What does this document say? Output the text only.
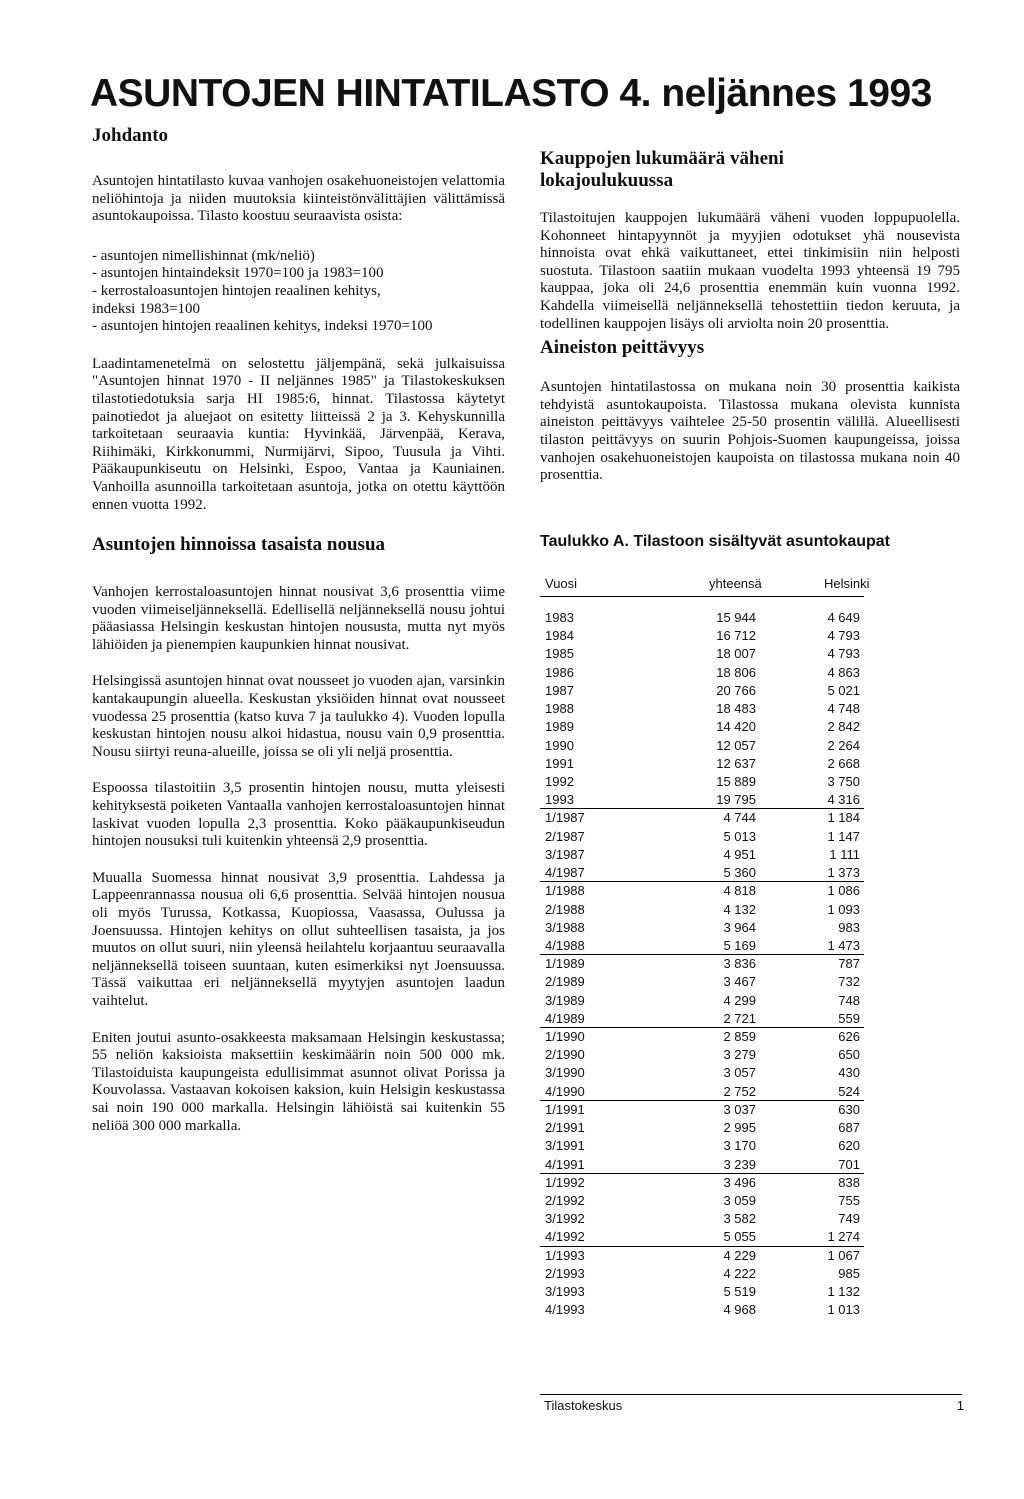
ASUNTOJEN HINTATILASTO 4. neljännes 1993
Johdanto

Asuntojen hintatilasto kuvaa vanhojen osakehuoneistojen velattomia neliöhintoja ja niiden muutoksia kiinteistönvälittäjien välittämissä asuntokaupoissa. Tilasto koostuu seuraavista osista:

- asuntojen nimellishinnat (mk/neliö)

- asuntojen hintaindeksit 1970=100 ja 1983=100

- kerrostaloasuntojen hintojen reaalinen kehitys,

indeksi 1983=100

- asuntojen hintojen reaalinen kehitys, indeksi 1970=100

Laadintamenetelmä on selostettu jäljempänä, sekä julkaisuissa "Asuntojen hinnat 1970 - II neljännes 1985" ja Tilastokeskuksen tilastotiedotuksia sarja HI 1985:6, hinnat. Tilastossa käytetyt painotiedot ja aluejaot on esitetty liitteissä 2 ja 3. Kehyskunnilla tarkoitetaan seuraavia kuntia: Hyvinkää, Järvenpää, Kerava, Riihimäki, Kirkkonummi, Nurmijärvi, Sipoo, Tuusula ja Vihti. Pääkaupunkiseutu on Helsinki, Espoo, Vantaa ja Kauniainen. Vanhoilla asunnoilla tarkoitetaan asuntoja, jotka on otettu käyttöön ennen vuotta 1992.

Asuntojen hinnoissa tasaista nousua

Vanhojen kerrostaloasuntojen hinnat nousivat 3,6 prosenttia viime vuoden viimeiseljänneksellä. Edellisellä neljänneksellä nousu johtui pääasiassa Helsingin keskustan hintojen noususta, mutta nyt myös lähiöiden ja pienempien kaupunkien hinnat nousivat.

Helsingissä asuntojen hinnat ovat nousseet jo vuoden ajan, varsinkin kantakaupungin alueella. Keskustan yksiöiden hinnat ovat nousseet vuodessa 25 prosenttia (katso kuva 7 ja taulukko 4). Vuoden lopulla keskustan hintojen nousu alkoi hidastua, nousu vain 0,9 prosenttia. Nousu siirtyi reuna-alueille, joissa se oli yli neljä prosenttia.

Espoossa tilastoitiin 3,5 prosentin hintojen nousu, mutta yleisesti kehityksestä poiketen Vantaalla vanhojen kerrostaloasuntojen hinnat laskivat vuoden lopulla 2,3 prosenttia. Koko pääkaupunkiseudun hintojen nousuksi tuli kuitenkin yhteensä 2,9 prosenttia.

Muualla Suomessa hinnat nousivat 3,9 prosenttia. Lahdessa ja Lappeenrannassa nousua oli 6,6 prosenttia. Selvää hintojen nousua oli myös Turussa, Kotkassa, Kuopiossa, Vaasassa, Oulussa ja Joensuussa. Hintojen kehitys on ollut suhteellisen tasaista, ja jos muutos on ollut suuri, niin yleensä heilahtelu korjaantuu seuraavalla neljänneksellä toiseen suuntaan, kuten esimerkiksi nyt Joensuussa. Tässä vaikuttaa eri neljänneksellä myytyjen asuntojen laadun vaihtelut.

Eniten joutui asunto-osakkeesta maksamaan Helsingin keskustassa; 55 neliön kaksioista maksettiin keskimäärin noin 500 000 mk. Tilastoiduista kaupungeista edullisimmat asunnot olivat Porissa ja Kouvolassa. Vastaavan kokoisen kaksion, kuin Helsigin keskustassa sai noin 190 000 markalla. Helsingin lähiöistä sai kuitenkin 55 neliöä 300 000 markalla.

Kauppojen lukumäärä väheni lokajoulukuussa

Tilastoitujen kauppojen lukumäärä väheni vuoden loppupuolella. Kohonneet hintapyynnöt ja myyjien odotukset yhä nousevista hinnoista ovat ehkä vaikuttaneet, ettei tinkimisiin niin helposti suostuta. Tilastoon saatiin mukaan vuodelta 1993 yhteensä 19 795 kauppaa, joka oli 24,6 prosenttia enemmän kuin vuonna 1992. Kahdella viimeisellä neljänneksellä tehostettiin tiedon keruuta, ja todellinen kauppojen lisäys oli arviolta noin 20 prosenttia.

Aineiston peittävyys

Asuntojen hintatilastossa on mukana noin 30 prosenttia kaikista tehdyistä asuntokaupoista. Tilastossa mukana olevista kunnista aineiston peittävyys vaihtelee 25-50 prosentin välillä. Alueellisesti tilaston peittävyys on suurin Pohjois-Suomen kaupungeissa, joissa vanhojen osakehuoneistojen kaupoista on tilastossa mukana noin 40 prosenttia.

Taulukko A. Tilastoon sisältyvät asuntokaupat
Vuosi	yhteensä	Helsinki
1983	15 944	4 649
1984	16 712	4 793
1985	18 007	4 793
1986	18 806	4 863
1987	20 766	5 021
1988	18 483	4 748
1989	14 420	2 842
1990	12 057	2 264
1991	12 637	2 668
1992	15 889	3 750
1993	19 795	4 316
1/1987	4 744	1 184
2/1987	5 013	1 147
3/1987	4 951	1 111
4/1987	5 360	1 373
1/1988	4 818	1 086
2/1988	4 132	1 093
3/1988	3 964	983
4/1988	5 169	1 473
1/1989	3 836	787
2/1989	3 467	732
3/1989	4 299	748
4/1989	2 721	559
1/1990	2 859	626
2/1990	3 279	650
3/1990	3 057	430
4/1990	2 752	524
1/1991	3 037	630
2/1991	2 995	687
3/1991	3 170	620
4/1991	3 239	701
1/1992	3 496	838
2/1992	3 059	755
3/1992	3 582	749
4/1992	5 055	1 274
1/1993	4 229	1 067
2/1993	4 222	985
3/1993	5 519	1 132
4/1993	4 968	1 013
Tilastokeskus	1
